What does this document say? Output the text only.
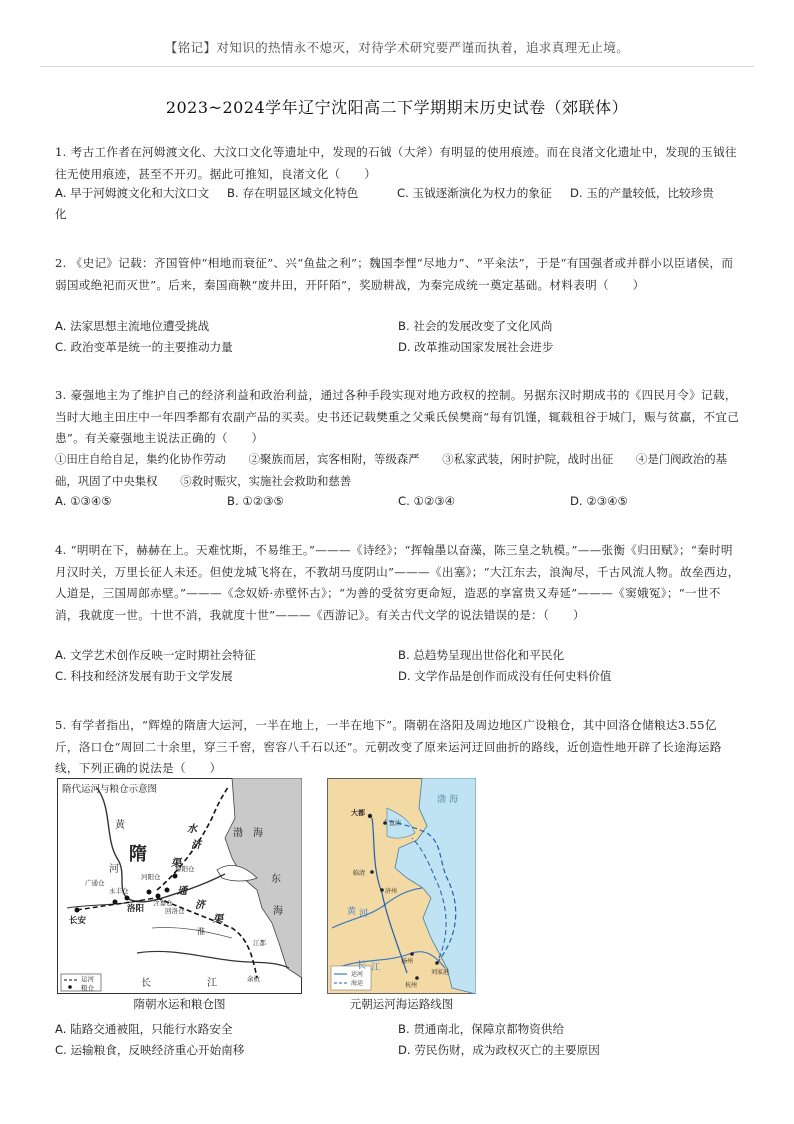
【铭记】对知识的热情永不熄灭，对待学术研究要严谨而执着，追求真理无止境。
2023~2024学年辽宁沈阳高二下学期期末历史试卷（郊联体）
1. 考古工作者在河姆渡文化、大汶口文化等遗址中，发现的石钺（大斧）有明显的使用痕迹。而在良渚文化遗址中，发现的玉钺往往无使用痕迹，甚至不开刃。据此可推知，良渚文化（　　）
A. 早于河姆渡文化和大汶口文化
B. 存在明显区域文化特色	C. 玉钺逐渐演化为权力的象征 D. 玉的产量较低，比较珍贵
2. 《史记》记载：齐国管仲“相地而衰征”、兴“鱼盐之利”；魏国李悝“尽地力”、“平籴法”，于是“有国强者或并群小以臣诸侯，而弱国或绝祀而灭世”。后来，秦国商鞅“废井田，开阡陌”，奖励耕战，为秦完成统一奠定基础。材料表明（　　）
A. 法家思想主流地位遭受挑战	B. 社会的发展改变了文化风尚
C. 政治变革是统一的主要推动力量	D. 改革推动国家发展社会进步
3. 豪强地主为了维护自己的经济利益和政治利益，通过各种手段实现对地方政权的控制。另据东汉时期成书的《四民月令》记载，当时大地主田庄中一年四季都有农副产品的买卖。史书还记载樊重之父乘氏侯樊商“每有饥馑，辄载租谷于城门，赈与贫羸，不宜己患”。有关豪强地主说法正确的（　　）
①田庄自给自足，集约化协作劳动　　②聚族而居，宾客相附，等级森严　　③私家武装，闲时护院，战时出征　　④是门阀政治的基础，巩固了中央集权　　⑤救时赈灾，实施社会救助和慈善
A. ①③④⑤	B. ①②③⑤	C. ①②③④	D. ②③④⑤
4. “明明在下，赫赫在上。天难忱斯，不易维王。”———《诗经》；“挥翰墨以奋藻，陈三皇之轨模。”——张衡《归田赋》；“秦时明月汉时关，万里长征人未还。但使龙城飞将在，不教胡马度阴山”———《出塞》；“大江东去，浪淘尽，千古风流人物。故垒西边，人道是，三国周郎赤壁。”———《念奴娇·赤壁怀古》；“为善的受贫穷更命短，造恶的享富贵又寿延”———《窦娥冤》；“一世不消，我就度一世。十世不消，我就度十世”———《西游记》。有关古代文学的说法错误的是：（　　）
A. 文学艺术创作反映一定时期社会特征	B. 总趋势呈现出世俗化和平民化
C. 科技和经济发展有助于文学发展	D. 文学作品是创作而成没有任何史料价值
5. 有学者指出，“辉煌的隋唐大运河，一半在地上，一半在地下”。隋朝在洛阳及周边地区广设粮仓，其中回洛仓储粮达3.55亿斤，洛口仓“周回二十余里，穿三千窖，窖容八千石以还”。元朝改变了原来运河迂回曲折的路线，近创造性地开辟了长途海运路线，下列正确的说法是（　　）
隋代运河与粮仓示意图
隋
黄
河
水
济
渠
通
济
渠
渤 海
东
海
洛阳
长安
广通仓
永丰仓
含嘉仓
河阳仓
回洛仓
黎阳仓
淮
长	江
江都
余杭
运河
粮仓
隋朝水运和粮仓图
大都
直沽
渤 海
黄 河
济州
临清
长 江
扬州
杭州
刘家港
运河
海运
元朝运河海运路线图
A. 陆路交通被阻，只能行水路安全	B. 贯通南北，保障京都物资供给
C. 运输粮食，反映经济重心开始南移	D. 劳民伤财，成为政权灭亡的主要原因
